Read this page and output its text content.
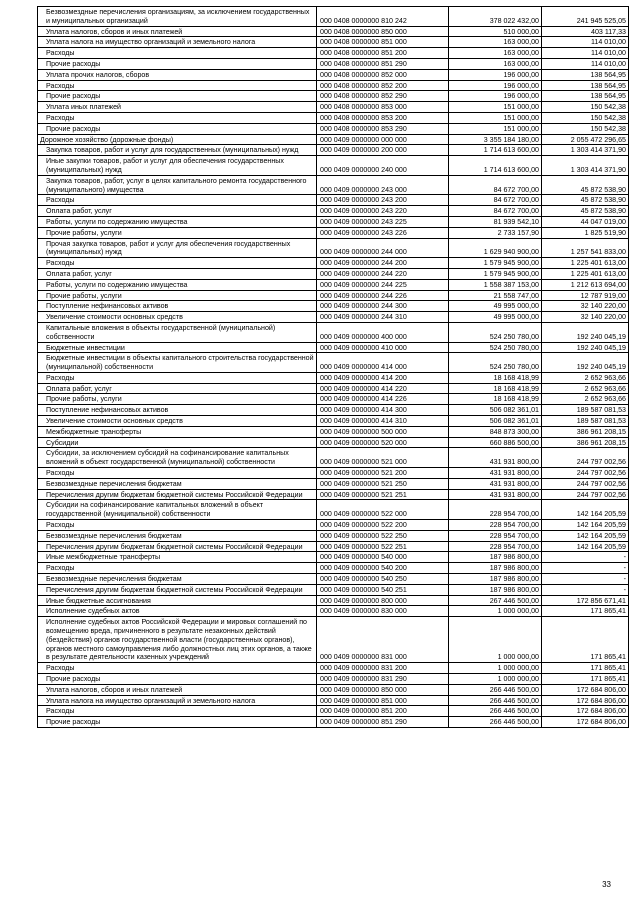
Безвозмездные перечисления организациям, за исключением государственных и муниципальных организаций	000 0408 0000000 810 242	378 022 432,00	241 945 525,05
Уплата налогов, сборов и иных платежей	000 0408 0000000 850 000	510 000,00	403 117,33
Уплата налога на имущество организаций и земельного налога	000 0408 0000000 851 000	163 000,00	114 010,00
Расходы	000 0408 0000000 851 200	163 000,00	114 010,00
Прочие расходы	000 0408 0000000 851 290	163 000,00	114 010,00
Уплата прочих налогов, сборов	000 0408 0000000 852 000	196 000,00	138 564,95
Расходы	000 0408 0000000 852 200	196 000,00	138 564,95
Прочие расходы	000 0408 0000000 852 290	196 000,00	138 564,95
Уплата иных платежей	000 0408 0000000 853 000	151 000,00	150 542,38
Расходы	000 0408 0000000 853 200	151 000,00	150 542,38
Прочие расходы	000 0408 0000000 853 290	151 000,00	150 542,38
Дорожное хозяйство (дорожные фонды)	000 0409 0000000 000 000	3 355 184 180,00	2 055 472 296,65
Закупка товаров, работ и услуг для государственных (муниципальных) нужд	000 0409 0000000 200 000	1 714 613 600,00	1 303 414 371,90
Иные закупки товаров, работ и услуг для обеспечения государственных (муниципальных) нужд	000 0409 0000000 240 000	1 714 613 600,00	1 303 414 371,90
Закупка товаров, работ, услуг в целях капитального ремонта государственного (муниципального) имущества	000 0409 0000000 243 000	84 672 700,00	45 872 538,90
Расходы	000 0409 0000000 243 200	84 672 700,00	45 872 538,90
Оплата работ, услуг	000 0409 0000000 243 220	84 672 700,00	45 872 538,90
Работы, услуги по содержанию имущества	000 0409 0000000 243 225	81 939 542,10	44 047 019,00
Прочие работы, услуги	000 0409 0000000 243 226	2 733 157,90	1 825 519,90
Прочая закупка товаров, работ и услуг для обеспечения государственных (муниципальных) нужд	000 0409 0000000 244 000	1 629 940 900,00	1 257 541 833,00
Расходы	000 0409 0000000 244 200	1 579 945 900,00	1 225 401 613,00
Оплата работ, услуг	000 0409 0000000 244 220	1 579 945 900,00	1 225 401 613,00
Работы, услуги по содержанию имущества	000 0409 0000000 244 225	1 558 387 153,00	1 212 613 694,00
Прочие работы, услуги	000 0409 0000000 244 226	21 558 747,00	12 787 919,00
Поступление нефинансовых активов	000 0409 0000000 244 300	49 995 000,00	32 140 220,00
Увеличение стоимости основных средств	000 0409 0000000 244 310	49 995 000,00	32 140 220,00
Капитальные вложения в объекты государственной (муниципальной) собственности	000 0409 0000000 400 000	524 250 780,00	192 240 045,19
Бюджетные инвестиции	000 0409 0000000 410 000	524 250 780,00	192 240 045,19
Бюджетные инвестиции в объекты капитального строительства государственной (муниципальной) собственности	000 0409 0000000 414 000	524 250 780,00	192 240 045,19
Расходы	000 0409 0000000 414 200	18 168 418,99	2 652 963,66
Оплата работ, услуг	000 0409 0000000 414 220	18 168 418,99	2 652 963,66
Прочие работы, услуги	000 0409 0000000 414 226	18 168 418,99	2 652 963,66
Поступление нефинансовых активов	000 0409 0000000 414 300	506 082 361,01	189 587 081,53
Увеличение стоимости основных средств	000 0409 0000000 414 310	506 082 361,01	189 587 081,53
Межбюджетные трансферты	000 0409 0000000 500 000	848 873 300,00	386 961 208,15
Субсидии	000 0409 0000000 520 000	660 886 500,00	386 961 208,15
Субсидии, за исключением субсидий на софинансирование капитальных вложений в объект государственной (муниципальной) собственности	000 0409 0000000 521 000	431 931 800,00	244 797 002,56
Расходы	000 0409 0000000 521 200	431 931 800,00	244 797 002,56
Безвозмездные перечисления бюджетам	000 0409 0000000 521 250	431 931 800,00	244 797 002,56
Перечисления другим бюджетам бюджетной системы Российской Федерации	000 0409 0000000 521 251	431 931 800,00	244 797 002,56
Субсидии на софинансирование капитальных вложений в объект государственной (муниципальной) собственности	000 0409 0000000 522 000	228 954 700,00	142 164 205,59
Расходы	000 0409 0000000 522 200	228 954 700,00	142 164 205,59
Безвозмездные перечисления бюджетам	000 0409 0000000 522 250	228 954 700,00	142 164 205,59
Перечисления другим бюджетам бюджетной системы Российской Федерации	000 0409 0000000 522 251	228 954 700,00	142 164 205,59
Иные межбюджетные трансферты	000 0409 0000000 540 000	187 986 800,00	-
Расходы	000 0409 0000000 540 200	187 986 800,00	-
Безвозмездные перечисления бюджетам	000 0409 0000000 540 250	187 986 800,00	-
Перечисления другим бюджетам бюджетной системы Российской Федерации	000 0409 0000000 540 251	187 986 800,00	-
Иные бюджетные ассигнования	000 0409 0000000 800 000	267 446 500,00	172 856 671,41
Исполнение судебных актов	000 0409 0000000 830 000	1 000 000,00	171 865,41
Исполнение судебных актов Российской Федерации и мировых соглашений по возмещению вреда, причиненного в результате незаконных действий (бездействия) органов государственной власти (государственных органов), органов местного самоуправления либо должностных лиц этих органов, а также в результате деятельности казенных учреждений	000 0409 0000000 831 000	1 000 000,00	171 865,41
Расходы	000 0409 0000000 831 200	1 000 000,00	171 865,41
Прочие расходы	000 0409 0000000 831 290	1 000 000,00	171 865,41
Уплата налогов, сборов и иных платежей	000 0409 0000000 850 000	266 446 500,00	172 684 806,00
Уплата налога на имущество организаций и земельного налога	000 0409 0000000 851 000	266 446 500,00	172 684 806,00
Расходы	000 0409 0000000 851 200	266 446 500,00	172 684 806,00
Прочие расходы	000 0409 0000000 851 290	266 446 500,00	172 684 806,00
33
